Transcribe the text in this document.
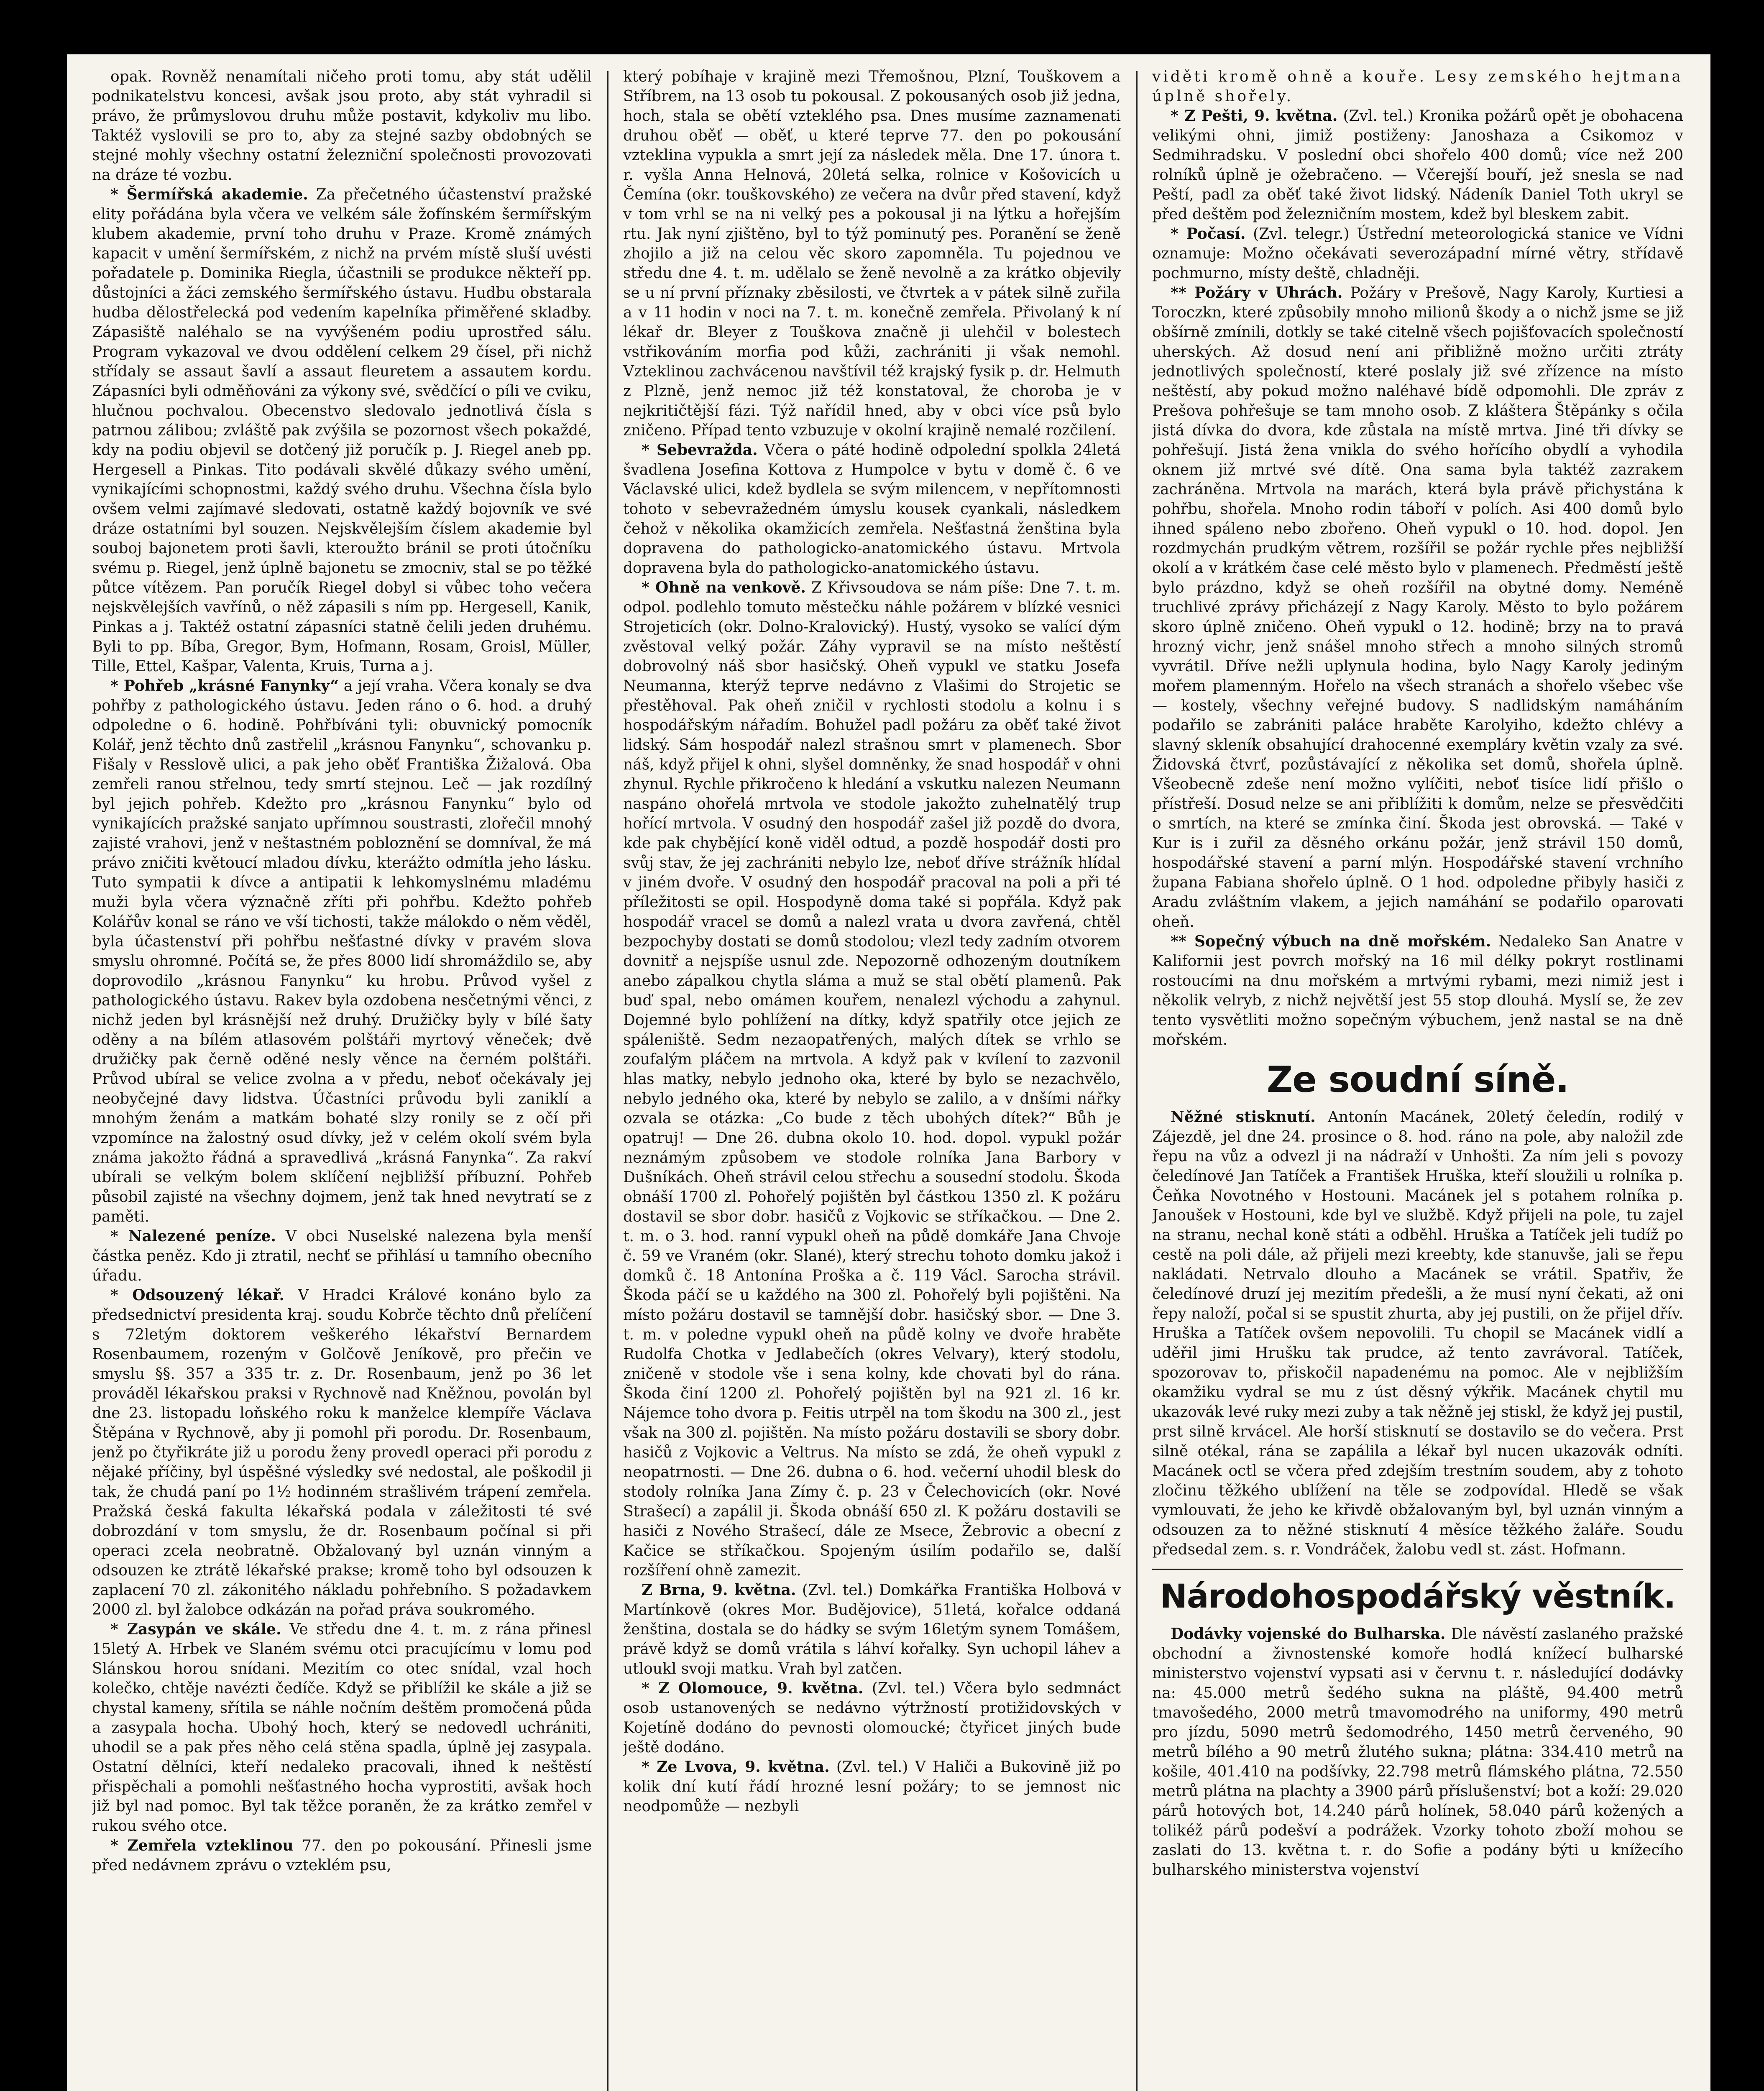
opak. Rovněž nenamítali ničeho proti tomu, aby stát udělil podnikatelstvu koncesi, avšak jsou proto, aby stát vyhradil si právo, že průmyslovou druhu může postavit, kdykoliv mu libo. Taktéž vyslovili se pro to, aby za stejné sazby obdobných se stejné mohly všechny ostatní železniční společnosti provozovati na dráze té vozbu.

* Šermířská akademie. Za přečetného účastenství pražské elity pořádána byla včera ve velkém sále žofínském šermířským klubem akademie, první toho druhu v Praze. Kromě známých kapacit v umění šermířském, z nichž na prvém místě sluší uvésti pořadatele p. Dominika Riegla, účastnili se produkce někteří pp. důstojníci a žáci zemského šermířského ústavu. Hudbu obstarala hudba dělostřelecká pod vedením kapelníka přiměřené skladby. Zápasiště naléhalo se na vyvýšeném podiu uprostřed sálu. Program vykazoval ve dvou oddělení celkem 29 čísel, při nichž střídaly se assaut šavlí a assaut fleuretem a assautem kordu. Zápasníci byli odměňováni za výkony své, svědčící o píli ve cviku, hlučnou pochvalou. Obecenstvo sledovalo jednotlivá čísla s patrnou zálibou; zvláště pak zvýšila se pozornost všech pokaždé, kdy na podiu objevil se dotčený již poručík p. J. Riegel aneb pp. Hergesell a Pinkas. Tito podávali skvělé důkazy svého umění, vynikajícími schopnostmi, každý svého druhu. Všechna čísla bylo ovšem velmi zajímavé sledovati, ostatně každý bojovník ve své dráze ostatními byl souzen. Nejskvělejším číslem akademie byl souboj bajonetem proti šavli, kteroužto bránil se proti útočníku svému p. Riegel, jenž úplně bajonetu se zmocniv, stal se po těžké půtce vítězem. Pan poručík Riegel dobyl si vůbec toho večera nejskvělejších vavřínů, o něž zápasili s ním pp. Hergesell, Kanik, Pinkas a j. Taktéž ostatní zápasníci statně čelili jeden druhému. Byli to pp. Bíba, Gregor, Bym, Hofmann, Rosam, Groisl, Müller, Tille, Ettel, Kašpar, Valenta, Kruis, Turna a j.

* Pohřeb „krásné Fanynky“ a její vraha. Včera konaly se dva pohřby z pathologického ústavu. Jeden ráno o 6. hod. a druhý odpoledne o 6. hodině. Pohřbíváni tyli: obuvnický pomocník Kolář, jenž těchto dnů zastřelil „krásnou Fanynku“, schovanku p. Fišaly v Resslově ulici, a pak jeho oběť Františka Žižalová. Oba zemřeli ranou střelnou, tedy smrtí stejnou. Leč — jak rozdílný byl jejich pohřeb. Kdežto pro „krásnou Fanynku“ bylo od vynikajících pražské sanjato upřímnou soustrasti, zlořečil mnohý zajisté vrahovi, jenž v neštastném pobloznění se domníval, že má právo zničiti květoucí mladou dívku, kterážto odmítla jeho lásku. Tuto sympatii k dívce a antipatii k lehkomyslnému mladému muži byla včera význačně zříti při pohřbu. Kdežto pohřeb Kolářův konal se ráno ve vší tichosti, takže málokdo o něm věděl, byla účastenství při pohřbu nešťastné dívky v pravém slova smyslu ohromné. Počítá se, že přes 8000 lidí shromáždilo se, aby doprovodilo „krásnou Fanynku“ ku hrobu. Průvod vyšel z pathologického ústavu. Rakev byla ozdobena nesčetnými věnci, z nichž jeden byl krásnější než druhý. Družičky byly v bílé šaty oděny a na bílém atlasovém polštáři myrtový věneček; dvě družičky pak černě oděné nesly věnce na černém polštáři. Průvod ubíral se velice zvolna a v předu, neboť očekávaly jej neobyčejné davy lidstva. Účastníci průvodu byli zaniklí a mnohým ženám a matkám bohaté slzy ronily se z očí při vzpomínce na žalostný osud dívky, jež v celém okolí svém byla známa jakožto řádná a spravedlivá „krásná Fanynka“. Za rakví ubírali se velkým bolem sklíčení nejbližší příbuzní. Pohřeb působil zajisté na všechny dojmem, jenž tak hned nevytratí se z paměti.

* Nalezené peníze. V obci Nuselské nalezena byla menší částka peněz. Kdo ji ztratil, nechť se přihlásí u tamního obecního úřadu.

* Odsouzený lékař. V Hradci Králové konáno bylo za předsednictví presidenta kraj. soudu Kobrče těchto dnů přelíčení s 72letým doktorem veškerého lékařství Bernardem Rosenbaumem, rozeným v Golčově Jeníkově, pro přečin ve smyslu §§. 357 a 335 tr. z. Dr. Rosenbaum, jenž po 36 let prováděl lékařskou praksi v Rychnově nad Kněžnou, povolán byl dne 23. listopadu loňského roku k manželce klempíře Václava Štěpána v Rychnově, aby ji pomohl při porodu. Dr. Rosenbaum, jenž po čtyřikráte již u porodu ženy provedl operaci při porodu z nějaké příčiny, byl úspěšné výsledky své nedostal, ale poškodil ji tak, že chudá paní po 1½ hodinném strašlivém trápení zemřela. Pražská česká fakulta lékařská podala v záležitosti té své dobrozdání v tom smyslu, že dr. Rosenbaum počínal si při operaci zcela neobratně. Obžalovaný byl uznán vinným a odsouzen ke ztrátě lékařské prakse; kromě toho byl odsouzen k zaplacení 70 zl. zákonitého nákladu pohřebního. S požadavkem 2000 zl. byl žalobce odkázán na pořad práva soukromého.

* Zasypán ve skále. Ve středu dne 4. t. m. z rána přinesl 15letý A. Hrbek ve Slaném svému otci pracujícímu v lomu pod Slánskou horou snídani. Mezitím co otec snídal, vzal hoch kolečko, chtěje navézti čedíče. Když se přiblížil ke skále a již se chystal kameny, sřítila se náhle nočním deštěm promočená půda a zasypala hocha. Ubohý hoch, který se nedovedl uchrániti, uhodil se a pak přes něho celá stěna spadla, úplně jej zasypala. Ostatní dělníci, kteří nedaleko pracovali, ihned k neštěstí přispěchali a pomohli nešťastného hocha vyprostiti, avšak hoch již byl nad pomoc. Byl tak těžce poraněn, že za krátko zemřel v rukou svého otce.

* Zemřela vzteklinou 77. den po pokousání. Přinesli jsme před nedávnem zprávu o vzteklém psu,

který pobíhaje v krajině mezi Třemošnou, Plzní, Touškovem a Stříbrem, na 13 osob tu pokousal. Z pokousaných osob již jedna, hoch, stala se obětí vzteklého psa. Dnes musíme zaznamenati druhou oběť — oběť, u které teprve 77. den po pokousání vzteklina vypukla a smrt její za následek měla. Dne 17. února t. r. vyšla Anna Helnová, 20letá selka, rolnice v Košovicích u Čemína (okr. touškovského) ze večera na dvůr před stavení, když v tom vrhl se na ni velký pes a pokousal ji na lýtku a hořejším rtu. Jak nyní zjištěno, byl to týž pominutý pes. Poranění se ženě zhojilo a již na celou věc skoro zapomněla. Tu pojednou ve středu dne 4. t. m. udělalo se ženě nevolně a za krátko objevily se u ní první příznaky zběsilosti, ve čtvrtek a v pátek silně zuřila a v 11 hodin v noci na 7. t. m. konečně zemřela. Přivolaný k ní lékař dr. Bleyer z Touškova značně ji ulehčil v bolestech vstřikováním morfia pod kůži, zachrániti ji však nemohl. Vzteklinou zachvácenou navštívil též krajský fysik p. dr. Helmuth z Plzně, jenž nemoc již též konstatoval, že choroba je v nejkritičtější fázi. Týž nařídil hned, aby v obci více psů bylo zničeno. Případ tento vzbuzuje v okolní krajině nemalé rozčilení.

* Sebevražda. Včera o páté hodině odpolední spolkla 24letá švadlena Josefina Kottova z Humpolce v bytu v domě č. 6 ve Václavské ulici, kdež bydlela se svým milencem, v nepřítomnosti tohoto v sebevražedném úmyslu kousek cyankali, následkem čehož v několika okamžicích zemřela. Nešťastná ženština byla dopravena do pathologicko-anatomického ústavu. Mrtvola dopravena byla do pathologicko-anatomického ústavu.

* Ohně na venkově. Z Křivsoudova se nám píše: Dne 7. t. m. odpol. podlehlo tomuto městečku náhle požárem v blízké vesnici Strojeticích (okr. Dolno-Kralovický). Hustý, vysoko se valící dým zvěstoval velký požár. Záhy vypravil se na místo neštěstí dobrovolný náš sbor hasičský. Oheň vypukl ve statku Josefa Neumanna, kterýž teprve nedávno z Vlašimi do Strojetic se přestěhoval. Pak oheň zničil v rychlosti stodolu a kolnu i s hospodářským nářadím. Bohužel padl požáru za oběť také život lidský. Sám hospodář nalezl strašnou smrt v plamenech. Sbor náš, když přijel k ohni, slyšel domněnky, že snad hospodář v ohni zhynul. Rychle přikročeno k hledání a vskutku nalezen Neumann naspáno ohořelá mrtvola ve stodole jakožto zuhelnatělý trup hořící mrtvola. V osudný den hospodář zašel již pozdě do dvora, kde pak chybějící koně viděl odtud, a pozdě hospodář dosti pro svůj stav, že jej zachrániti nebylo lze, neboť dříve strážník hlídal v jiném dvoře. V osudný den hospodář pracoval na poli a při té příležitosti se opil. Hospodyně doma také si popřála. Když pak hospodář vracel se domů a nalezl vrata u dvora zavřená, chtěl bezpochyby dostati se domů stodolou; vlezl tedy zadním otvorem dovnitř a nejspíše usnul zde. Nepozorně odhozeným doutníkem anebo zápalkou chytla sláma a muž se stal obětí plamenů. Pak buď spal, nebo omámen kouřem, nenalezl východu a zahynul. Dojemné bylo pohlížení na dítky, když spatřily otce jejich ze spáleniště. Sedm nezaopatřených, malých dítek se vrhlo se zoufalým pláčem na mrtvola. A když pak v kvílení to zazvonil hlas matky, nebylo jednoho oka, které by bylo se nezachvělo, nebylo jedného oka, které by nebylo se zalilo, a v dnšími nářky ozvala se otázka: „Co bude z těch ubohých dítek?“ Bůh je opatruj! — Dne 26. dubna okolo 10. hod. dopol. vypukl požár neznámým způsobem ve stodole rolníka Jana Barbory v Dušníkách. Oheň strávil celou střechu a sousední stodolu. Škoda obnáší 1700 zl. Pohořelý pojištěn byl částkou 1350 zl. K požáru dostavil se sbor dobr. hasičů z Vojkovic se stříkačkou. — Dne 2. t. m. o 3. hod. ranní vypukl oheň na půdě domkáře Jana Chvoje č. 59 ve Vraném (okr. Slané), který strechu tohoto domku jakož i domků č. 18 Antonína Proška a č. 119 Václ. Sarocha strávil. Škoda páčí se u každého na 300 zl. Pohořelý byli pojištěni. Na místo požáru dostavil se tamnější dobr. hasičský sbor. — Dne 3. t. m. v poledne vypukl oheň na půdě kolny ve dvoře hraběte Rudolfa Chotka v Jedlabečích (okres Velvary), který stodolu, zničeně v stodole vše i sena kolny, kde chovati byl do rána. Škoda činí 1200 zl. Pohořelý pojištěn byl na 921 zl. 16 kr. Nájemce toho dvora p. Feitis utrpěl na tom škodu na 300 zl., jest však na 300 zl. pojištěn. Na místo požáru dostavili se sbory dobr. hasičů z Vojkovic a Veltrus. Na místo se zdá, že oheň vypukl z neopatrnosti. — Dne 26. dubna o 6. hod. večerní uhodil blesk do stodoly rolníka Jana Zímy č. p. 23 v Čelechovicích (okr. Nové Strašecí) a zapálil ji. Škoda obnáší 650 zl. K požáru dostavili se hasiči z Nového Strašecí, dále ze Msece, Žebrovic a obecní z Kačice se stříkačkou. Spojeným úsilím podařilo se, další rozšíření ohně zamezit.

Z Brna, 9. května. (Zvl. tel.) Domkářka Františka Holbová v Martínkově (okres Mor. Budějovice), 51letá, kořalce oddaná ženština, dostala se do hádky se svým 16letým synem Tomášem, právě když se domů vrátila s láhví kořalky. Syn uchopil láhev a utloukl svoji matku. Vrah byl zatčen.

* Z Olomouce, 9. května. (Zvl. tel.) Včera bylo sedmnáct osob ustanovených se nedávno výtržností protižidovských v Kojetíně dodáno do pevnosti olomoucké; čtyřicet jiných bude ještě dodáno.

* Ze Lvova, 9. května. (Zvl. tel.) V Haliči a Bukovině již po kolik dní kutí řádí hrozné lesní požáry; to se jemnost nic neodpomůže — nezbyli

viděti kromě ohně a kouře. Lesy zemského hejtmana úplně shořely.

* Z Pešti, 9. května. (Zvl. tel.) Kronika požárů opět je obohacena velikými ohni, jimiž postiženy: Janoshaza a Csikomoz v Sedmihradsku. V poslední obci shořelo 400 domů; více než 200 rolníků úplně je ožebračeno. — Včerejší bouří, jež snesla se nad Peští, padl za oběť také život lidský. Nádeník Daniel Toth ukryl se před deštěm pod železničním mostem, kdež byl bleskem zabit.

* Počasí. (Zvl. telegr.) Ústřední meteorologická stanice ve Vídni oznamuje: Možno očekávati severozápadní mírné větry, střídavě pochmurno, místy deště, chladněji.

** Požáry v Uhrách. Požáry v Prešově, Nagy Karoly, Kurtiesi a Toroczkn, které způsobily mnoho milionů škody a o nichž jsme se již obšírně zmínili, dotkly se také citelně všech pojišťovacích společností uherských. Až dosud není ani přibližně možno určiti ztráty jednotlivých společností, které poslaly již své zřízence na místo neštěstí, aby pokud možno naléhavé bídě odpomohli. Dle zpráv z Prešova pohřešuje se tam mnoho osob. Z kláštera Štěpánky s očila jistá dívka do dvora, kde zůstala na místě mrtva. Jiné tři dívky se pohřešují. Jistá žena vnikla do svého hořícího obydlí a vyhodila oknem již mrtvé své dítě. Ona sama byla taktéž zazrakem zachráněna. Mrtvola na marách, která byla právě přichystána k pohřbu, shořela. Mnoho rodin táboří v polích. Asi 400 domů bylo ihned spáleno nebo zbořeno. Oheň vypukl o 10. hod. dopol. Jen rozdmychán prudkým větrem, rozšířil se požár rychle přes nejbližší okolí a v krátkém čase celé město bylo v plamenech. Předměstí ještě bylo prázdno, když se oheň rozšířil na obytné domy. Neméně truchlivé zprávy přicházejí z Nagy Karoly. Město to bylo požárem skoro úplně zničeno. Oheň vypukl o 12. hodině; brzy na to pravá hrozný vichr, jenž snášel mnoho střech a mnoho silných stromů vyvrátil. Dříve nežli uplynula hodina, bylo Nagy Karoly jediným mořem plamenným. Hořelo na všech stranách a shořelo všebec vše — kostely, všechny veřejné budovy. S nadlidským namáháním podařilo se zabrániti paláce hraběte Karolyiho, kdežto chlévy a slavný skleník obsahující drahocenné exempláry květin vzaly za své. Židovská čtvrť, pozůstávající z několika set domů, shořela úplně. Všeobecně zdeše není možno vylíčiti, neboť tisíce lidí přišlo o přístřeší. Dosud nelze se ani přiblížiti k domům, nelze se přesvědčiti o smrtích, na které se zmínka činí. Škoda jest obrovská. — Také v Kur is i zuřil za děsného orkánu požár, jenž strávil 150 domů, hospodářské stavení a parní mlýn. Hospodářské stavení vrchního župana Fabiana shořelo úplně. O 1 hod. odpoledne přibyly hasiči z Aradu zvláštním vlakem, a jejich namáhání se podařilo oparovati oheň.

** Sopečný výbuch na dně mořském. Nedaleko San Anatre v Kalifornii jest povrch mořský na 16 mil délky pokryt rostlinami rostoucími na dnu mořském a mrtvými rybami, mezi nimiž jest i několik velryb, z nichž největší jest 55 stop dlouhá. Myslí se, že zev tento vysvětliti možno sopečným výbuchem, jenž nastal se na dně mořském.

Ze soudní síně.

Něžné stisknutí. Antonín Macánek, 20letý čeledín, rodilý v Zájezdě, jel dne 24. prosince o 8. hod. ráno na pole, aby naložil zde řepu na vůz a odvezl ji na nádraží v Unhošti. Za ním jeli s povozy čeledínové Jan Tatíček a František Hruška, kteří sloužili u rolníka p. Čeňka Novotného v Hostouni. Macánek jel s potahem rolníka p. Janoušek v Hostouni, kde byl ve službě. Když přijeli na pole, tu zajel na stranu, nechal koně státi a odběhl. Hruška a Tatíček jeli tudíž po cestě na poli dále, až přijeli mezi kreebty, kde stanuvše, jali se řepu nakládati. Netrvalo dlouho a Macánek se vrátil. Spatřiv, že čeledínové druzí jej mezitím předešli, a že musí nyní čekati, až oni řepy naloží, počal si se spustit zhurta, aby jej pustili, on že přijel dřív. Hruška a Tatíček ovšem nepovolili. Tu chopil se Macánek vidlí a uděřil jimi Hrušku tak prudce, až tento zavrávoral. Tatíček, spozorovav to, přiskočil napadenému na pomoc. Ale v nejbližším okamžiku vydral se mu z úst děsný výkřik. Macánek chytil mu ukazovák levé ruky mezi zuby a tak něžně jej stiskl, že když jej pustil, prst silně krvácel. Ale horší stisknutí se dostavilo se do večera. Prst silně otékal, rána se zapálila a lékař byl nucen ukazovák odníti. Macánek octl se včera před zdejším trestním soudem, aby z tohoto zločinu těžkého ublížení na těle se zodpovídal. Hledě se však vymlouvati, že jeho ke křivdě obžalovaným byl, byl uznán vinným a odsouzen za to něžné stisknutí 4 měsíce těžkého žaláře. Soudu předsedal zem. s. r. Vondráček, žalobu vedl st. zást. Hofmann.

Národohospodářský věstník.

Dodávky vojenské do Bulharska. Dle návěstí zaslaného pražské obchodní a živnostenské komoře hodlá knížecí bulharské ministerstvo vojenství vypsati asi v červnu t. r. následující dodávky na: 45.000 metrů šedého sukna na pláště, 94.400 metrů tmavošedého, 2000 metrů tmavomodrého na uniformy, 490 metrů pro jízdu, 5090 metrů šedomodrého, 1450 metrů červeného, 90 metrů bílého a 90 metrů žlutého sukna; plátna: 334.410 metrů na košile, 401.410 na podšívky, 22.798 metrů flámského plátna, 72.550 metrů plátna na plachty a 3900 párů příslušenství; bot a koží: 29.020 párů hotových bot, 14.240 párů holínek, 58.040 párů kožených a tolikéž párů podešví a podrážek. Vzorky tohoto zboží mohou se zaslati do 13. května t. r. do Sofie a podány býti u knížecího bulharského ministerstva vojenství
